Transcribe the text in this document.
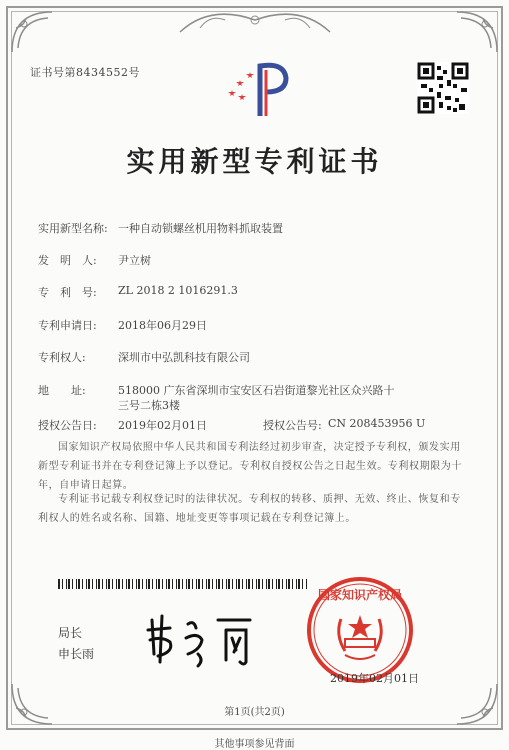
证书号第8434552号
实用新型专利证书
实用新型名称: 一种自动锁螺丝机用物料抓取装置
发　明　人: 尹立树
专　利　号: ZL 2018 2 1016291.3
专利申请日: 2018年06月29日
专利权人:	深圳市中弘凯科技有限公司
地　　址:	518000 广东省深圳市宝安区石岩街道黎光社区众兴路十
三号二栋3楼
授权公告日: 2019年02月01日	授权公告号: CN 208453956 U
国家知识产权局依照中华人民共和国专利法经过初步审查，决定授予专利权，颁发实用新型专利证书并在专利登记簿上予以登记。专利权自授权公告之日起生效。专利权期限为十年，自申请日起算。
专利证书记载专利权登记时的法律状况。专利权的转移、质押、无效、终止、恢复和专利权人的姓名或名称、国籍、地址变更等事项记载在专利登记簿上。
局长
申长雨
国家知识产权局
2019年02月01日
第1页(共2页)
其他事项参见背面
